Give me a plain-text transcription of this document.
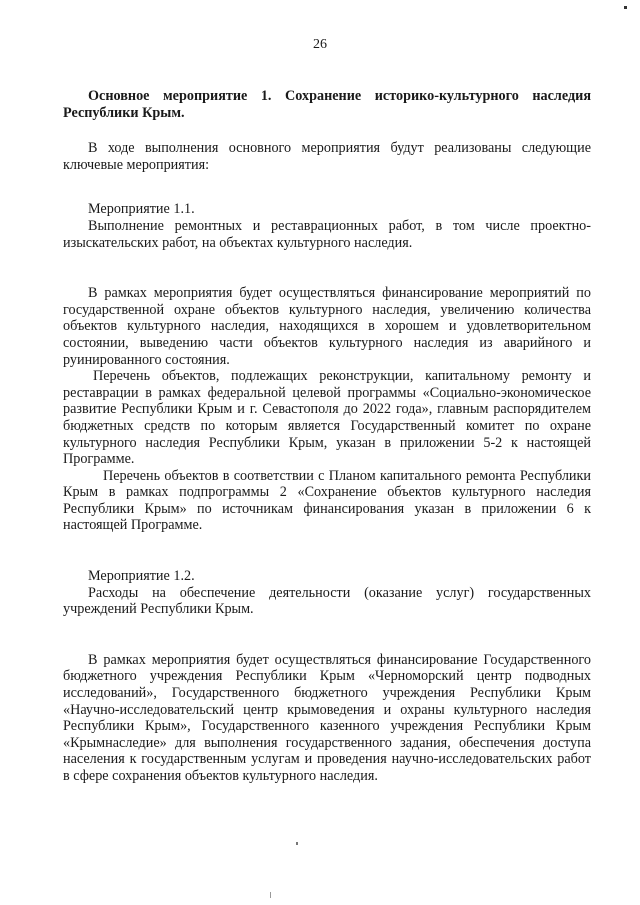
26

Основное мероприятие 1. Сохранение историко-культурного наследия Республики Крым.

В ходе выполнения основного мероприятия будут реализованы следующие ключевые мероприятия:

Мероприятие 1.1.

Выполнение ремонтных и реставрационных работ, в том числе проектно-изыскательских работ, на объектах культурного наследия.

В рамках мероприятия будет осуществляться финансирование мероприятий по государственной охране объектов культурного наследия, увеличению количества объектов культурного наследия, находящихся в хорошем и удовлетворительном состоянии, выведению части объектов культурного наследия из аварийного и руинированного состояния.

Перечень объектов, подлежащих реконструкции, капитальному ремонту и реставрации в рамках федеральной целевой программы «Социально-экономическое развитие Республики Крым и г. Севастополя до 2022 года», главным распорядителем бюджетных средств по которым является Государственный комитет по охране культурного наследия Республики Крым, указан в приложении 5-2 к настоящей Программе.

Перечень объектов в соответствии с Планом капитального ремонта Республики Крым в рамках подпрограммы 2 «Сохранение объектов культурного наследия Республики Крым» по источникам финансирования указан в приложении 6 к настоящей Программе.

Мероприятие 1.2.

Расходы на обеспечение деятельности (оказание услуг) государственных учреждений Республики Крым.

В рамках мероприятия будет осуществляться финансирование Государственного бюджетного учреждения Республики Крым «Черноморский центр подводных исследований», Государственного бюджетного учреждения Республики Крым «Научно-исследовательский центр крымоведения и охраны культурного наследия Республики Крым», Государственного казенного учреждения Республики Крым «Крымнаследие» для выполнения государственного задания, обеспечения доступа населения к государственным услугам и проведения научно-исследовательских работ в сфере сохранения объектов культурного наследия.
